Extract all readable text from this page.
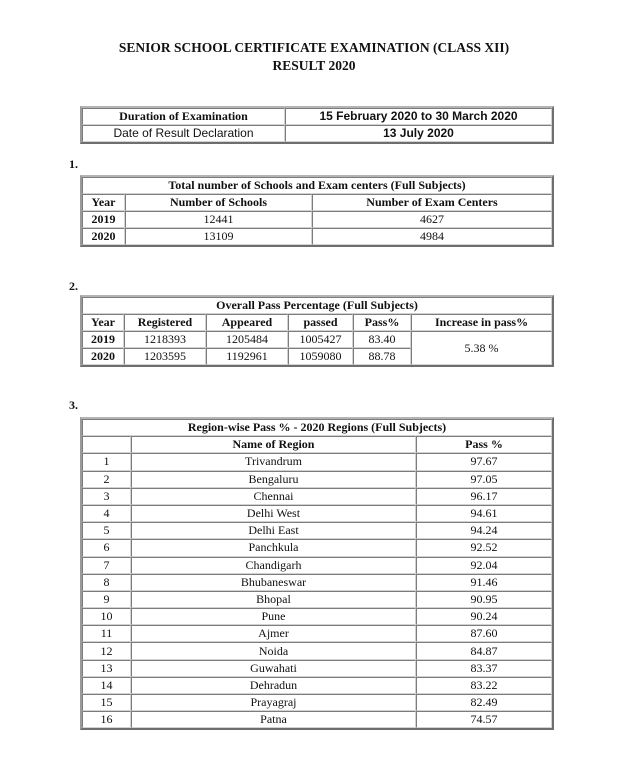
SENIOR SCHOOL CERTIFICATE EXAMINATION (CLASS XII)
RESULT 2020
Duration of Examination	15 February 2020 to 30 March 2020
Date of Result Declaration	13 July 2020
1.
Total number of Schools and Exam centers (Full Subjects)		
Year	Number of Schools	Number of Exam Centers
2019	12441	4627
2020	13109	4984
2.
Overall Pass Percentage (Full Subjects)					
Year	Registered	Appeared	passed	Pass%	Increase in pass%
2019	1218393	1205484	1005427	83.40	5.38 %
2020	1203595	1192961	1059080	88.78	
3.
Region-wise Pass % - 2020 Regions (Full Subjects)		
	Name of Region	Pass %
1	Trivandrum	97.67
2	Bengaluru	97.05
3	Chennai	96.17
4	Delhi West	94.61
5	Delhi East	94.24
6	Panchkula	92.52
7	Chandigarh	92.04
8	Bhubaneswar	91.46
9	Bhopal	90.95
10	Pune	90.24
11	Ajmer	87.60
12	Noida	84.87
13	Guwahati	83.37
14	Dehradun	83.22
15	Prayagraj	82.49
16	Patna	74.57
